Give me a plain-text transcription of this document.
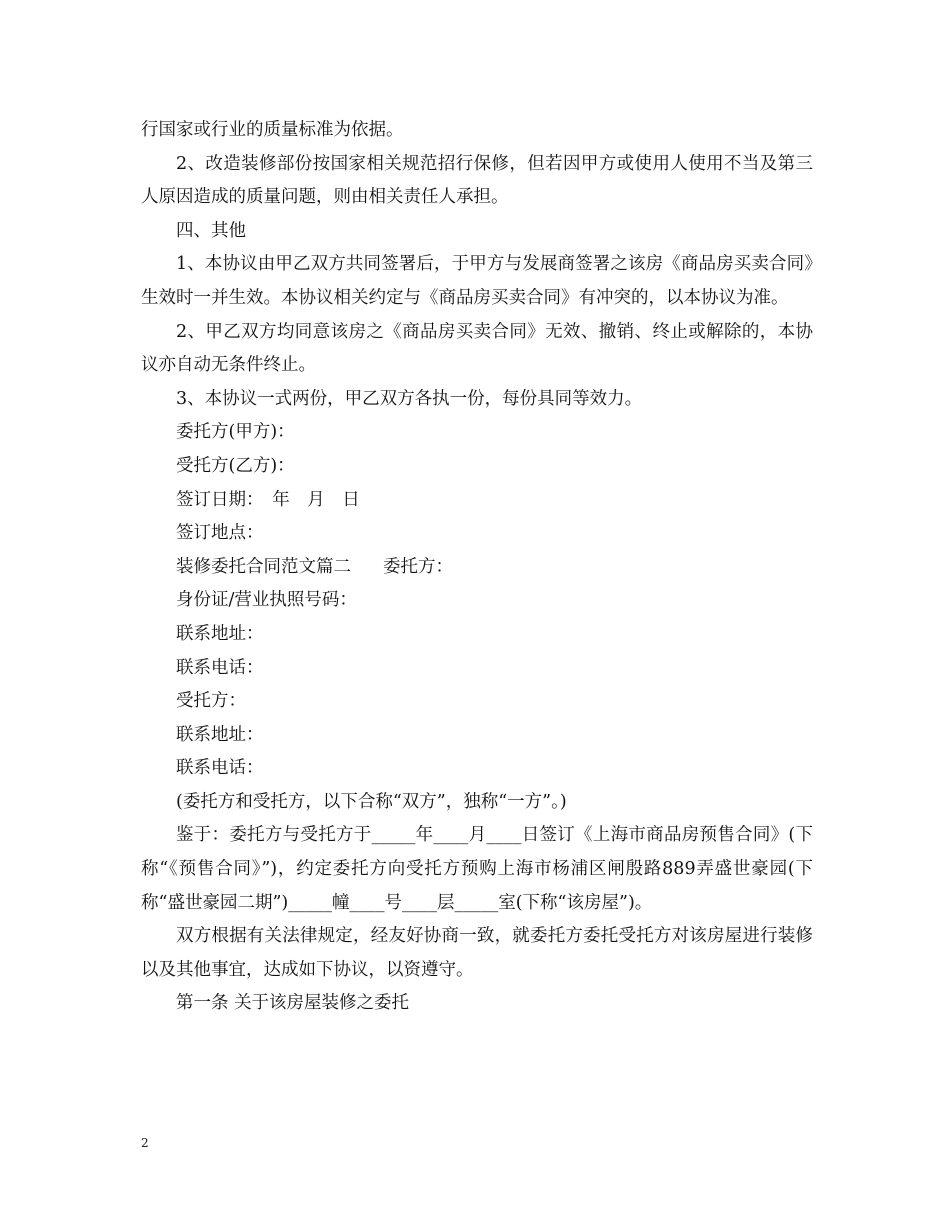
行国家或行业的质量标准为依据。

2、改造装修部份按国家相关规范招行保修，但若因甲方或使用人使用不当及第三人原因造成的质量问题，则由相关责任人承担。

四、其他

1、本协议由甲乙双方共同签署后，于甲方与发展商签署之该房《商品房买卖合同》生效时一并生效。本协议相关约定与《商品房买卖合同》有冲突的，以本协议为准。

2、甲乙双方均同意该房之《商品房买卖合同》无效、撤销、终止或解除的，本协议亦自动无条件终止。

3、本协议一式两份，甲乙双方各执一份，每份具同等效力。

委托方(甲方)：

受托方(乙方)：

签订日期：　年　月　日

签订地点：

装修委托合同范文篇二 委托方：

身份证/营业执照号码：

联系地址：

联系电话：

受托方：

联系地址：

联系电话：

(委托方和受托方，以下合称“双方”，独称“一方”。)

鉴于：委托方与受托方于_____年____月____日签订《上海市商品房预售合同》(下称“《预售合同》”)，约定委托方向受托方预购上海市杨浦区闸殷路889弄盛世豪园(下称“盛世豪园二期”)_____幢____号____层_____室(下称“该房屋”)。

双方根据有关法律规定，经友好协商一致，就委托方委托受托方对该房屋进行装修以及其他事宜，达成如下协议，以资遵守。

第一条 关于该房屋装修之委托

2
